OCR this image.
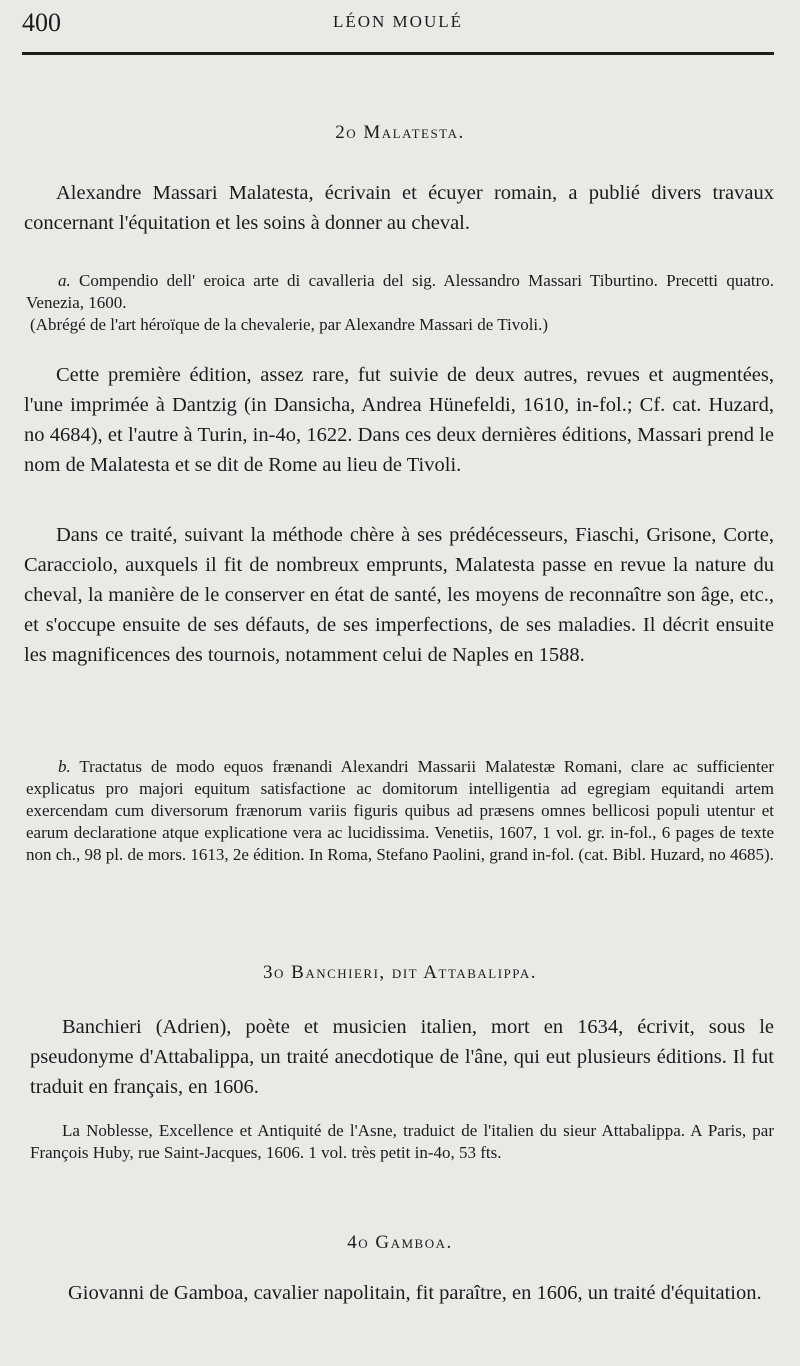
400	LÉON MOULÉ
2o Malatesta.
Alexandre Massari Malatesta, écrivain et écuyer romain, a publié divers travaux concernant l'équitation et les soins à donner au cheval.
a. Compendio dell' eroica arte di cavalleria del sig. Alessandro Massari Tiburtino. Precetti quatro. Venezia, 1600.
(Abrégé de l'art héroïque de la chevalerie, par Alexandre Massari de Tivoli.)
Cette première édition, assez rare, fut suivie de deux autres, revues et augmentées, l'une imprimée à Dantzig (in Dansicha, Andrea Hünefeldi, 1610, in-fol.; Cf. cat. Huzard, no 4684), et l'autre à Turin, in-4o, 1622. Dans ces deux dernières éditions, Massari prend le nom de Malatesta et se dit de Rome au lieu de Tivoli.
Dans ce traité, suivant la méthode chère à ses prédécesseurs, Fiaschi, Grisone, Corte, Caracciolo, auxquels il fit de nombreux emprunts, Malatesta passe en revue la nature du cheval, la manière de le conserver en état de santé, les moyens de reconnaître son âge, etc., et s'occupe ensuite de ses défauts, de ses imperfections, de ses maladies. Il décrit ensuite les magnificences des tournois, notamment celui de Naples en 1588.
b. Tractatus de modo equos frænandi Alexandri Massarii Malatestæ Romani, clare ac sufficienter explicatus pro majori equitum satisfactione ac domitorum intelligentia ad egregiam equitandi artem exercendam cum diversorum frænorum variis figuris quibus ad præsens omnes bellicosi populi utentur et earum declaratione atque explicatione vera ac lucidissima. Venetiis, 1607, 1 vol. gr. in-fol., 6 pages de texte non ch., 98 pl. de mors. 1613, 2e édition. In Roma, Stefano Paolini, grand in-fol. (cat. Bibl. Huzard, no 4685).
3o Banchieri, dit Attabalippa.
Banchieri (Adrien), poète et musicien italien, mort en 1634, écrivit, sous le pseudonyme d'Attabalippa, un traité anecdotique de l'âne, qui eut plusieurs éditions. Il fut traduit en français, en 1606.
La Noblesse, Excellence et Antiquité de l'Asne, traduict de l'italien du sieur Attabalippa. A Paris, par François Huby, rue Saint-Jacques, 1606. 1 vol. très petit in-4o, 53 fts.
4o Gamboa.
Giovanni de Gamboa, cavalier napolitain, fit paraître, en 1606, un traité d'équitation.
